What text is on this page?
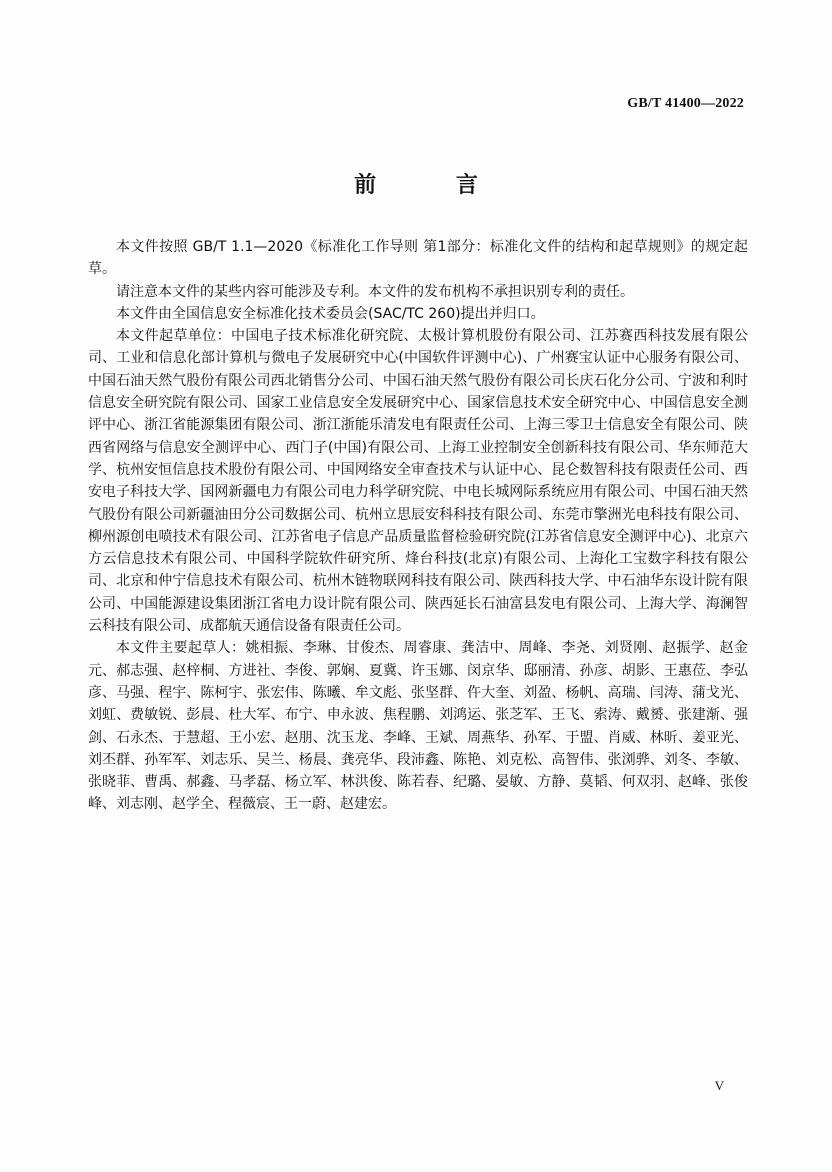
GB/T 41400—2022
前 言

本文件按照 GB/T 1.1—2020《标准化工作导则 第1部分：标准化文件的结构和起草规则》的规定起草。

请注意本文件的某些内容可能涉及专利。本文件的发布机构不承担识别专利的责任。

本文件由全国信息安全标准化技术委员会(SAC/TC 260)提出并归口。

本文件起草单位：中国电子技术标准化研究院、太极计算机股份有限公司、江苏赛西科技发展有限公司、工业和信息化部计算机与微电子发展研究中心(中国软件评测中心)、广州赛宝认证中心服务有限公司、中国石油天然气股份有限公司西北销售分公司、中国石油天然气股份有限公司长庆石化分公司、宁波和利时信息安全研究院有限公司、国家工业信息安全发展研究中心、国家信息技术安全研究中心、中国信息安全测评中心、浙江省能源集团有限公司、浙江浙能乐清发电有限责任公司、上海三零卫士信息安全有限公司、陕西省网络与信息安全测评中心、西门子(中国)有限公司、上海工业控制安全创新科技有限公司、华东师范大学、杭州安恒信息技术股份有限公司、中国网络安全审查技术与认证中心、昆仑数智科技有限责任公司、西安电子科技大学、国网新疆电力有限公司电力科学研究院、中电长城网际系统应用有限公司、中国石油天然气股份有限公司新疆油田分公司数据公司、杭州立思辰安科科技有限公司、东莞市擎洲光电科技有限公司、柳州源创电喷技术有限公司、江苏省电子信息产品质量监督检验研究院(江苏省信息安全测评中心)、北京六方云信息技术有限公司、中国科学院软件研究所、烽台科技(北京)有限公司、上海化工宝数字科技有限公司、北京和仲宁信息技术有限公司、杭州木链物联网科技有限公司、陕西科技大学、中石油华东设计院有限公司、中国能源建设集团浙江省电力设计院有限公司、陕西延长石油富县发电有限公司、上海大学、海澜智云科技有限公司、成都航天通信设备有限责任公司。

本文件主要起草人：姚相振、李琳、甘俊杰、周睿康、龚洁中、周峰、李尧、刘贤刚、赵振学、赵金元、郝志强、赵梓桐、方进社、李俊、郭娴、夏冀、许玉娜、闵京华、邸丽清、孙彦、胡影、王惠莅、李弘彦、马强、程宇、陈柯宇、张宏伟、陈曦、牟文彪、张坚群、仵大奎、刘盈、杨帆、高瑞、闫涛、蒲戈光、刘虹、费敏锐、彭晨、杜大军、布宁、申永波、焦程鹏、刘鸿运、张芝军、王飞、索涛、戴赟、张建渐、强剑、石永杰、于慧超、王小宏、赵朋、沈玉龙、李峰、王斌、周燕华、孙军、于盟、肖威、林昕、姜亚光、刘丕群、孙军军、刘志乐、吴兰、杨晨、龚亮华、段沛鑫、陈艳、刘克松、高智伟、张浏骅、刘冬、李敏、张晓菲、曹禹、郝鑫、马孝磊、杨立军、林洪俊、陈若春、纪璐、晏敏、方静、莫韬、何双羽、赵峰、张俊峰、刘志刚、赵学全、程薇宸、王一蔚、赵建宏。

V
